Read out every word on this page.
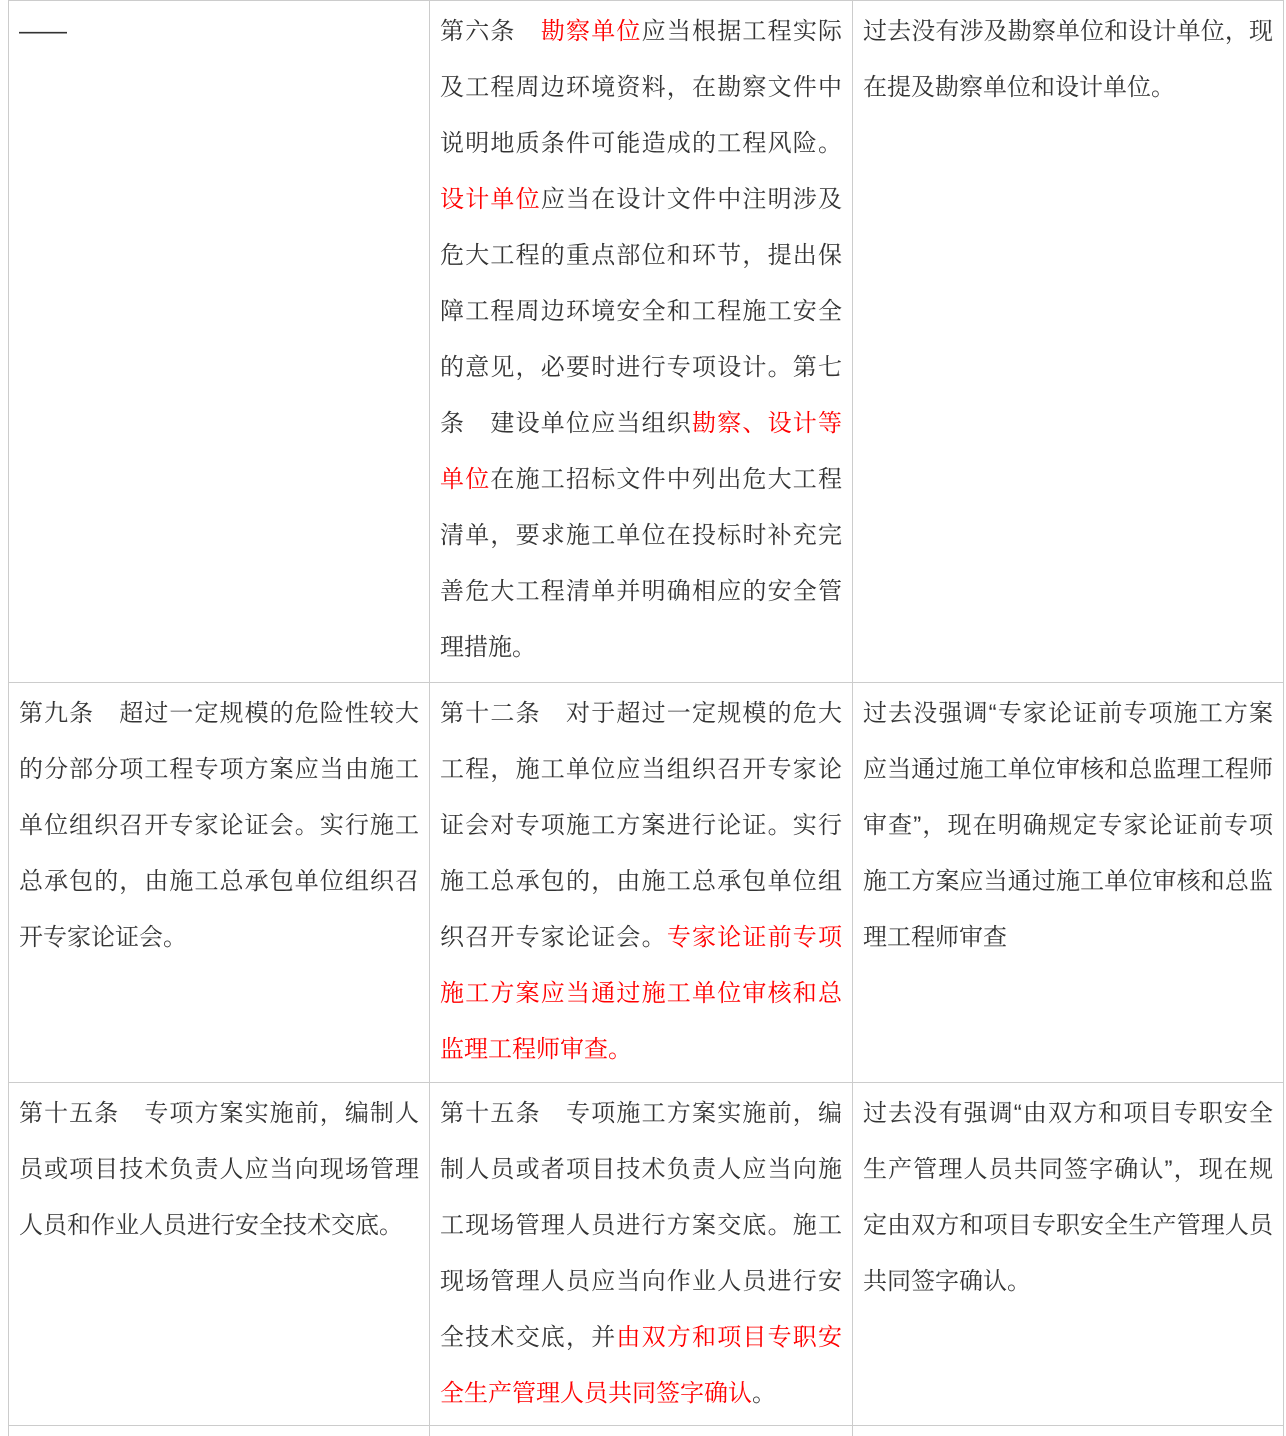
——	第六条　勘察单位应当根据工程实际及工程周边环境资料，在勘察文件中说明地质条件可能造成的工程风险。设计单位应当在设计文件中注明涉及危大工程的重点部位和环节，提出保障工程周边环境安全和工程施工安全的意见，必要时进行专项设计。第七条　建设单位应当组织勘察、设计等单位在施工招标文件中列出危大工程清单，要求施工单位在投标时补充完善危大工程清单并明确相应的安全管理措施。	过去没有涉及勘察单位和设计单位，现在提及勘察单位和设计单位。
第九条　超过一定规模的危险性较大的分部分项工程专项方案应当由施工单位组织召开专家论证会。实行施工总承包的，由施工总承包单位组织召开专家论证会。	第十二条　对于超过一定规模的危大工程，施工单位应当组织召开专家论证会对专项施工方案进行论证。实行施工总承包的，由施工总承包单位组织召开专家论证会。专家论证前专项施工方案应当通过施工单位审核和总监理工程师审查。	过去没强调“专家论证前专项施工方案应当通过施工单位审核和总监理工程师审查”，现在明确规定专家论证前专项施工方案应当通过施工单位审核和总监理工程师审查
第十五条　专项方案实施前，编制人员或项目技术负责人应当向现场管理人员和作业人员进行安全技术交底。	第十五条　专项施工方案实施前，编制人员或者项目技术负责人应当向施工现场管理人员进行方案交底。施工现场管理人员应当向作业人员进行安全技术交底，并由双方和项目专职安全生产管理人员共同签字确认。	过去没有强调“由双方和项目专职安全生产管理人员共同签字确认”，现在规定由双方和项目专职安全生产管理人员共同签字确认。
